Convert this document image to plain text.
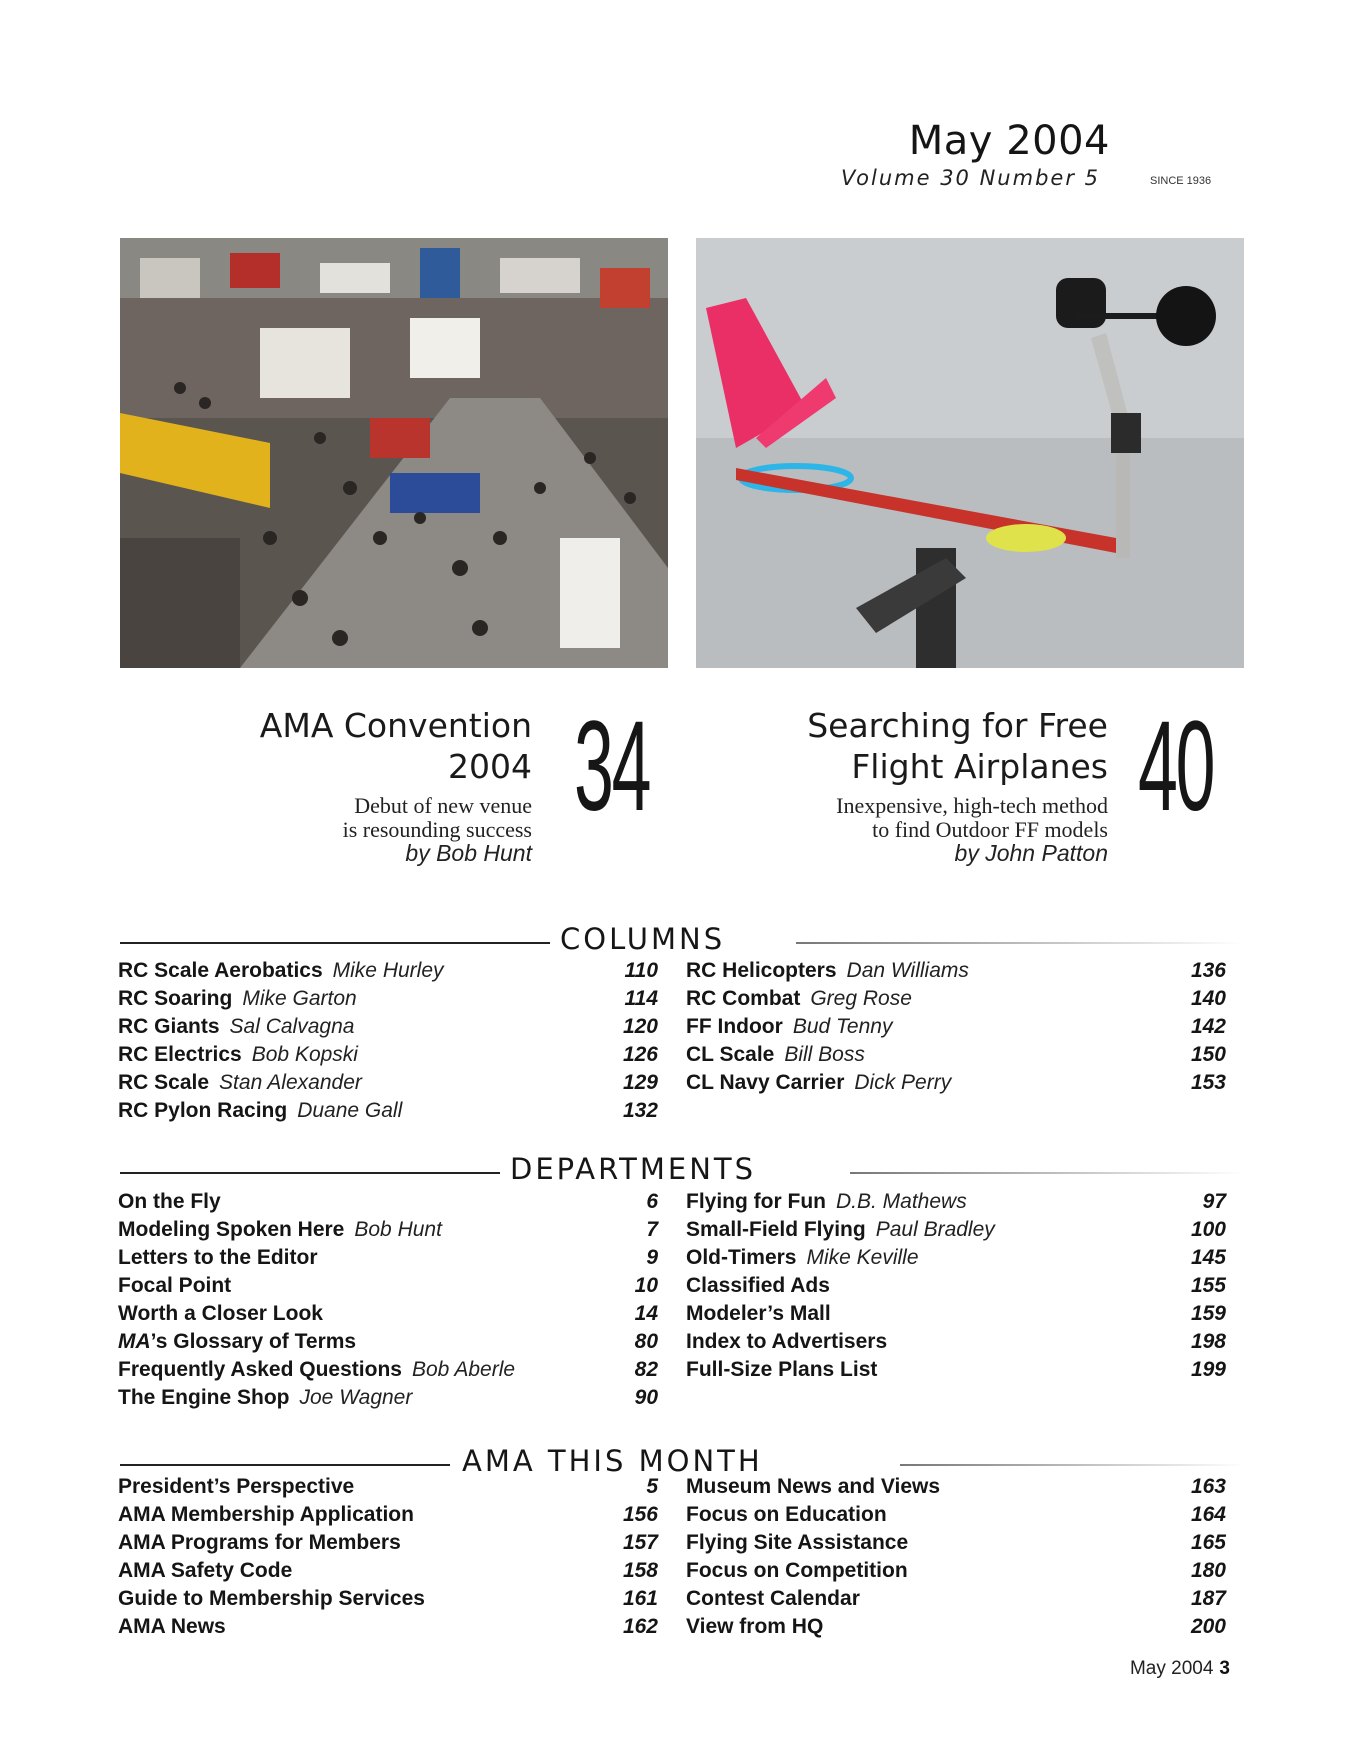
May 2004
Volume 30 Number 5	SINCE 1936
AMA Convention
2004
Debut of new venue
is resounding success
by Bob Hunt
34	Searching for Free
Flight Airplanes
Inexpensive, high-tech method
to find Outdoor FF models
by John Patton
40
COLUMNS
RC Scale Aerobatics Mike Hurley	110
RC Soaring Mike Garton	114
RC Giants Sal Calvagna	120
RC Electrics Bob Kopski	126
RC Scale Stan Alexander	129
RC Pylon Racing Duane Gall	132
RC Helicopters Dan Williams	136
RC Combat Greg Rose	140
FF Indoor Bud Tenny	142
CL Scale Bill Boss	150
CL Navy Carrier Dick Perry	153
DEPARTMENTS
On the Fly	6
Modeling Spoken Here Bob Hunt	7
Letters to the Editor	9
Focal Point	10
Worth a Closer Look	14
MA’s Glossary of Terms	80
Frequently Asked Questions Bob Aberle	82
The Engine Shop Joe Wagner	90
Flying for Fun D.B. Mathews	97
Small-Field Flying Paul Bradley	100
Old-Timers Mike Keville	145
Classified Ads	155
Modeler’s Mall	159
Index to Advertisers	198
Full-Size Plans List	199
AMA THIS MONTH
President’s Perspective	5
AMA Membership Application	156
AMA Programs for Members	157
AMA Safety Code	158
Guide to Membership Services	161
AMA News	162
Museum News and Views	163
Focus on Education	164
Flying Site Assistance	165
Focus on Competition	180
Contest Calendar	187
View from HQ	200
May 2004 3
